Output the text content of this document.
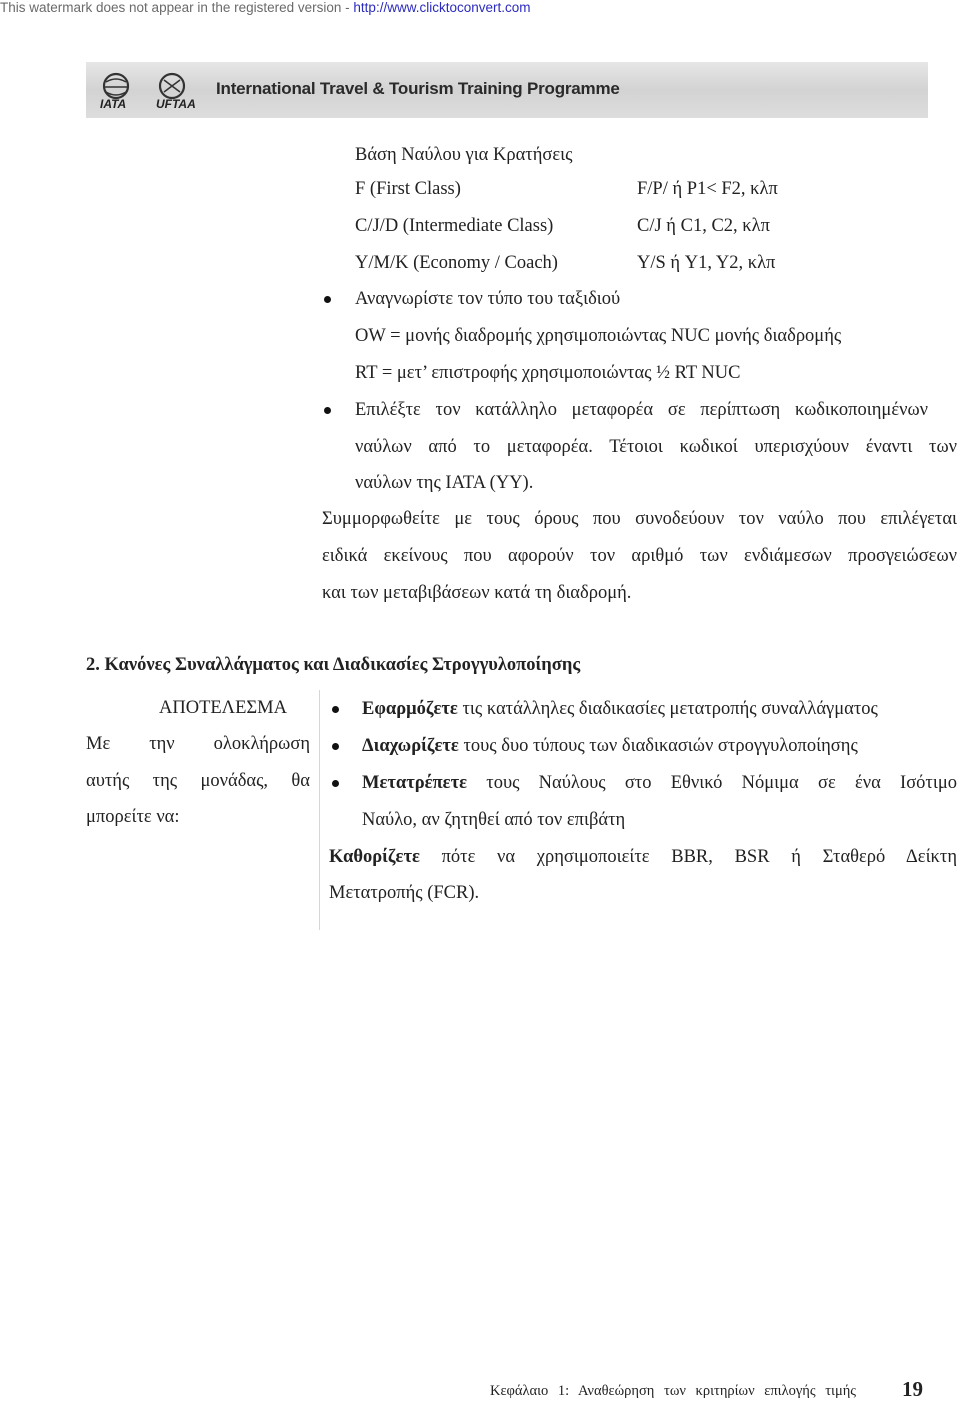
This watermark does not appear in the registered version - http://www.clicktoconvert.com
IATA UFTAA
International Travel & Tourism Training Programme
Βάση Ναύλου για Κρατήσεις
F (First Class)	F/P/ ή P1< F2, κλπ
C/J/D (Intermediate Class)	C/J ή C1, C2, κλπ
Y/M/K (Economy / Coach)	Y/S ή Y1, Y2, κλπ
Αναγνωρίστε τον τύπο του ταξιδιού
OW = μονής διαδρομής χρησιμοποιώντας NUC μονής διαδρομής
RT = μετ’ επιστροφής χρησιμοποιώντας ½ RT NUC
Επιλέξτε τον κατάλληλο μεταφορέα σε περίπτωση κωδικοποιημένων
ναύλων από το μεταφορέα. Τέτοιοι κωδικοί υπερισχύουν έναντι των
ναύλων της IATA (YY).
Συμμορφωθείτε με τους όρους που συνοδεύουν τον ναύλο που επιλέγεται
ειδικά εκείνους που αφορούν τον αριθμό των ενδιάμεσων προσγειώσεων
και των μεταβιβάσεων κατά τη διαδρομή.
2. Κανόνες Συναλλάγματος και Διαδικασίες Στρογγυλοποίησης
ΑΠΟΤΕΛΕΣΜΑ
Με την ολοκλήρωση
αυτής της μονάδας, θα
μπορείτε να:
Εφαρμόζετε τις κατάλληλες διαδικασίες μετατροπής συναλλάγματος
Διαχωρίζετε τους δυο τύπους των διαδικασιών στρογγυλοποίησης
Μετατρέπετε τους Ναύλους στο Εθνικό Νόμιμα σε ένα Ισότιμο
Ναύλο, αν ζητηθεί από τον επιβάτη
Καθορίζετε πότε να χρησιμοποιείτε BBR, BSR ή Σταθερό Δείκτη
Μετατροπής (FCR).
Κεφάλαιο 1: Αναθεώρηση των κριτηρίων επιλογής τιμής	19
